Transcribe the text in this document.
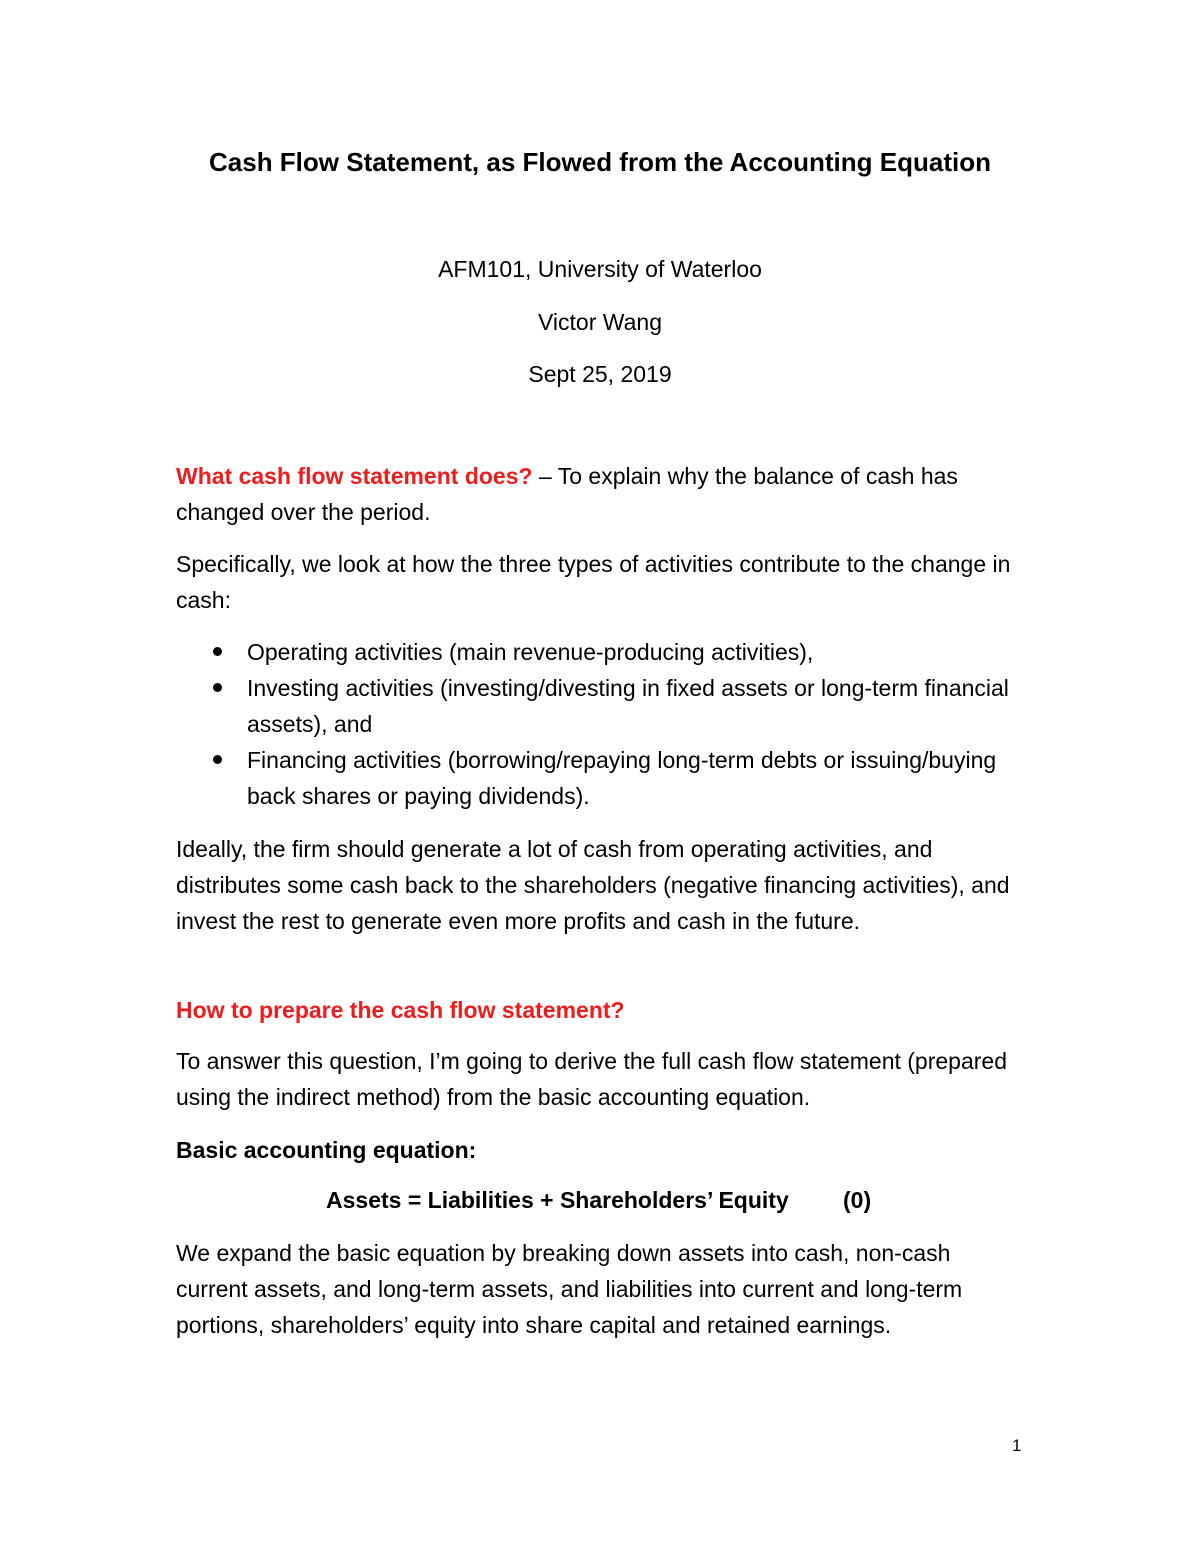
Cash Flow Statement, as Flowed from the Accounting Equation
AFM101, University of Waterloo
Victor Wang
Sept 25, 2019

What cash flow statement does? – To explain why the balance of cash has changed over the period.

Specifically, we look at how the three types of activities contribute to the change in cash:

Operating activities (main revenue-producing activities),
Investing activities (investing/divesting in fixed assets or long-term financial assets), and
Financing activities (borrowing/repaying long-term debts or issuing/buying back shares or paying dividends).

Ideally, the firm should generate a lot of cash from operating activities, and distributes some cash back to the shareholders (negative financing activities), and invest the rest to generate even more profits and cash in the future.

How to prepare the cash flow statement?

To answer this question, I’m going to derive the full cash flow statement (prepared using the indirect method) from the basic accounting equation.

Basic accounting equation:
Assets = Liabilities + Shareholders’ Equity (0)

We expand the basic equation by breaking down assets into cash, non-cash current assets, and long-term assets, and liabilities into current and long-term portions, shareholders’ equity into share capital and retained earnings.

1
